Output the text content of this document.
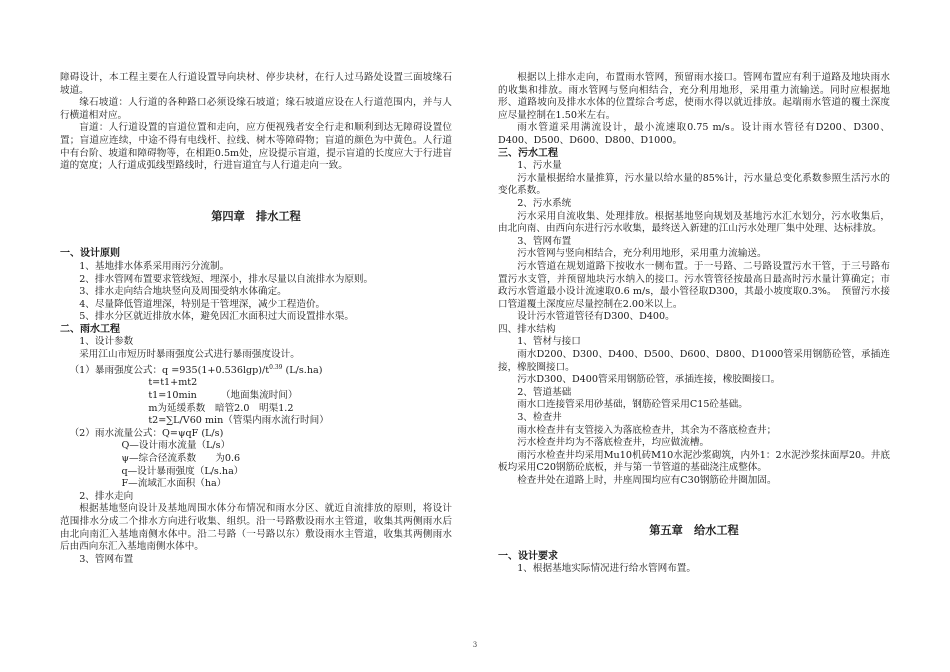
障碍设计，本工程主要在人行道设置导向块材、停步块材，在行人过马路处设置三面坡缘石坡道。

缘石坡道：人行道的各种路口必须设缘石坡道；缘石坡道应设在人行道范围内，并与人行横道相对应。

盲道：人行道设置的盲道位置和走向，应方便视残者安全行走和顺利到达无障碍设置位置；盲道应连续，中途不得有电线杆、拉线、树木等障碍物；盲道的颜色为中黄色。人行道中有台阶、坡道和障碍物等，在相距0.5m处，应设提示盲道，提示盲道的长度应大于行进盲道的宽度；人行道成弧线型路线时，行进盲道宜与人行道走向一致。

第四章　排水工程

一、设计原则

1、基地排水体系采用雨污分流制。

2、排水管网布置要求管线短、埋深小，排水尽量以自流排水为原则。

3、排水走向结合地块竖向及周围受纳水体确定。

4、尽量降低管道埋深，特别是干管埋深，减少工程造价。

5、排水分区就近排放水体，避免因汇水面积过大而设置排水渠。

二、雨水工程

1、设计参数

采用江山市短历时暴雨强度公式进行暴雨强度设计。

（1）暴雨强度公式：$q =935(1+0.536\lg p)/t^{0.39}$ (L/s.ha)

t=t1+mt2

t1=10min　　　（地面集流时间）

m为延缓系数　暗管2.0　明渠1.2

t2=∑L/V60 min（管渠内雨水流行时间）

（2）雨水流量公式：Q=ψqF (L/s)

Q—设计雨水流量（L/s）

ψ—综合径流系数　　为0.6

q—设计暴雨强度（L/s.ha）

F—流域汇水面积（ha）

2、排水走向

根据基地竖向设计及基地周围水体分布情况和雨水分区、就近自流排放的原则，将设计范围排水分成二个排水方向进行收集、组织。沿一号路敷设雨水主管道，收集其两侧雨水后由北向南汇入基地南侧水体中。沿二号路（一号路以东）敷设雨水主管道，收集其两侧雨水后由西向东汇入基地南侧水体中。

3、管网布置

根据以上排水走向，布置雨水管网，预留雨水接口。管网布置应有利于道路及地块雨水的收集和排放。雨水管网与竖向相结合，充分利用地形，采用重力流输送。同时应根据地形、道路坡向及排水水体的位置综合考虑，使雨水得以就近排放。起端雨水管道的覆土深度应尽量控制在1.50米左右。

雨水管道采用满流设计，最小流速取0.75 m/s。设计雨水管径有D200、D300、D400、D500、D600、D800、D1000。

三、污水工程

1、污水量

污水量根据给水量推算，污水量以给水量的85%计，污水量总变化系数参照生活污水的变化系数。

2、污水系统

污水采用自流收集、处理排放。根据基地竖向规划及基地污水汇水划分，污水收集后，由北向南、由西向东进行污水收集，最终送入新建的江山污水处理厂集中处理、达标排放。

3、管网布置

污水管网与竖向相结合，充分利用地形，采用重力流输送。

污水管道在规划道路下按收水一侧布置。于一号路、二号路设置污水干管，于三号路布置污水支管，并预留地块污水纳入的接口。污水管管径按最高日最高时污水量计算确定；市政污水管道最小设计流速取0.6 m/s，最小管径取D300，其最小坡度取0.3%。　预留污水接口管道覆土深度应尽量控制在2.00米以上。

设计污水管道管径有D300、D400。

四、排水结构

1、管材与接口

雨水D200、D300、D400、D500、D600、D800、D1000管采用钢筋砼管，承插连接，橡胶圈接口。

污水D300、D400管采用钢筋砼管，承插连接，橡胶圈接口。

2、管道基础

雨水口连接管采用砂基础，钢筋砼管采用C15砼基础。

3、检查井

雨水检查井有支管接入为落底检查井，其余为不落底检查井；

污水检查井均为不落底检查井，均应做流槽。

雨污水检查井均采用Mu10机砖M10水泥沙浆砌筑，内外1：2水泥沙浆抹面厚20。井底板均采用C20钢筋砼底板，并与第一节管道的基础浇注成整体。

检查井处在道路上时，井座周围均应有C30钢筋砼井圈加固。

第五章　给水工程

一、设计要求

1、根据基地实际情况进行给水管网布置。

3
